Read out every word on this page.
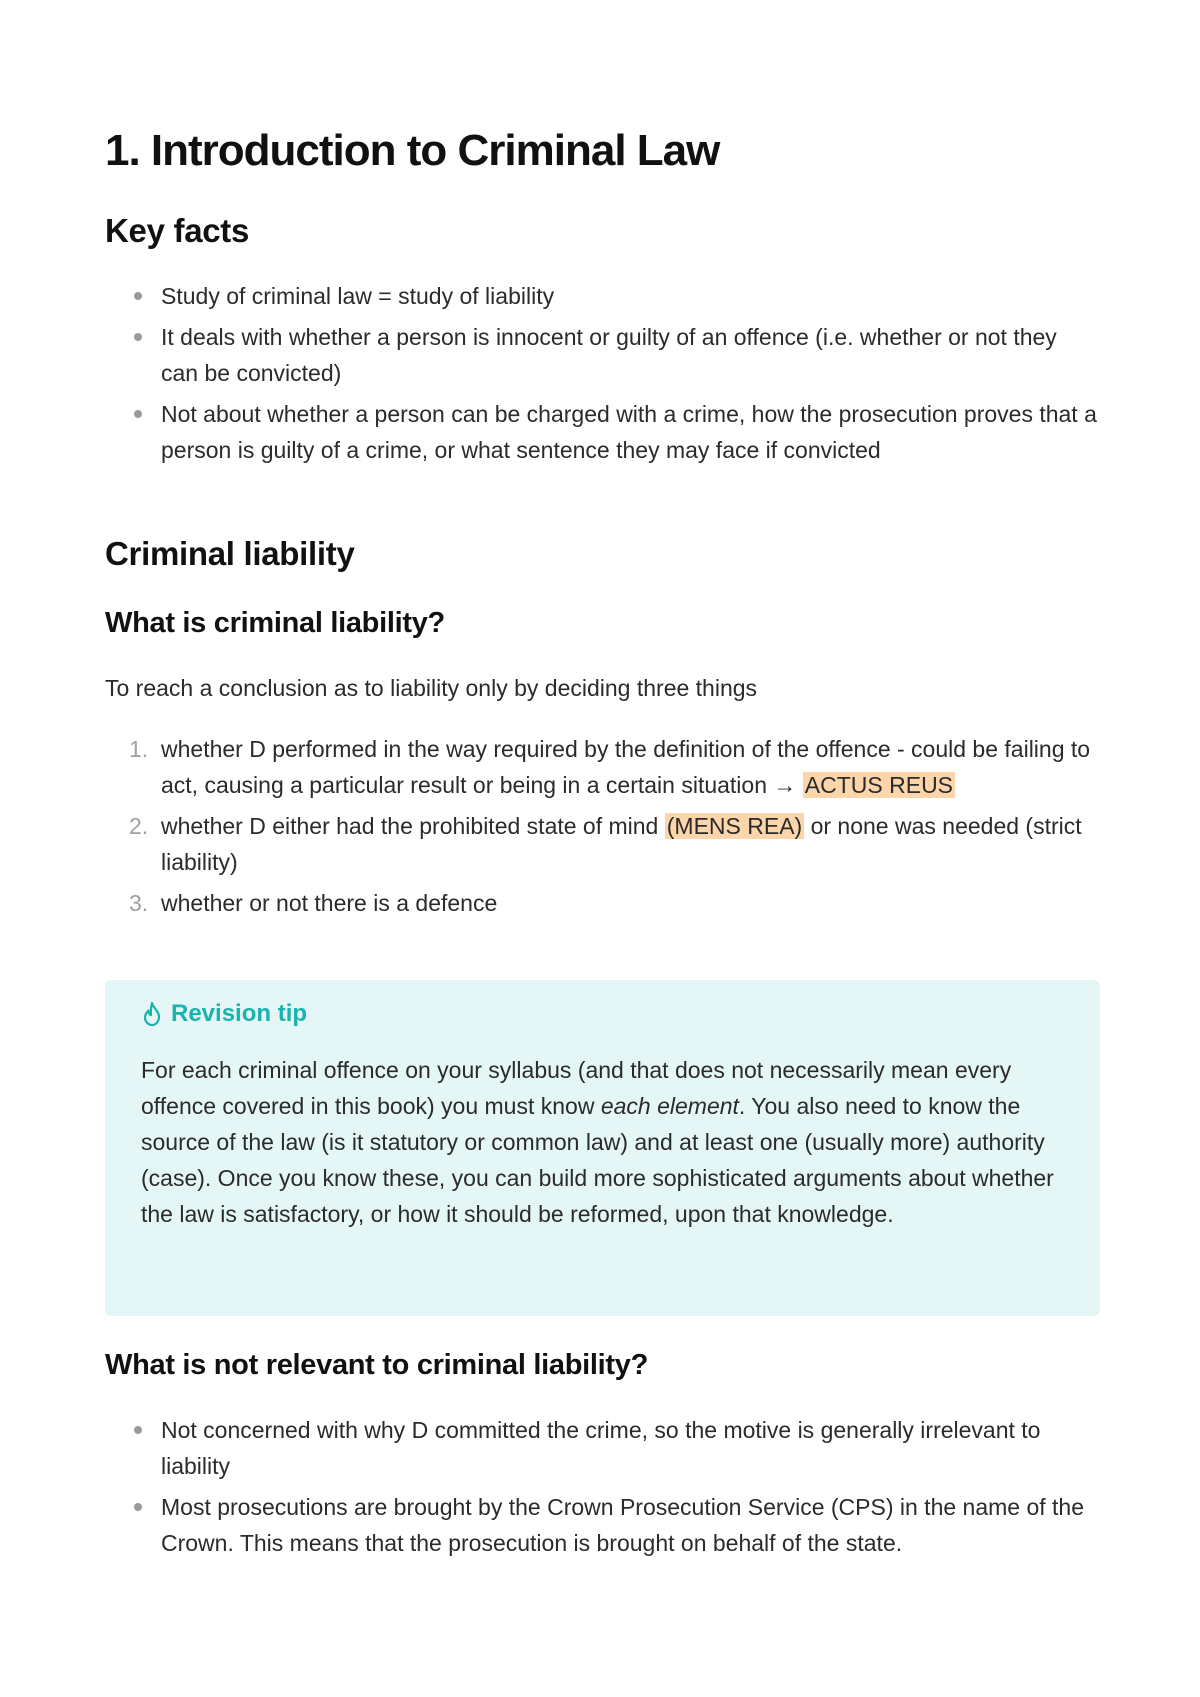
1. Introduction to Criminal Law
Key facts
Study of criminal law = study of liability
It deals with whether a person is innocent or guilty of an offence (i.e. whether or not they can be convicted)
Not about whether a person can be charged with a crime, how the prosecution proves that a person is guilty of a crime, or what sentence they may face if convicted
Criminal liability
What is criminal liability?

To reach a conclusion as to liability only by deciding three things

1. whether D performed in the way required by the definition of the offence - could be failing to act, causing a particular result or being in a certain situation → ACTUS REUS
2. whether D either had the prohibited state of mind (MENS REA) or none was needed (strict liability)
3. whether or not there is a defence
Revision tip

For each criminal offence on your syllabus (and that does not necessarily mean every offence covered in this book) you must know each element. You also need to know the source of the law (is it statutory or common law) and at least one (usually more) authority (case). Once you know these, you can build more sophisticated arguments about whether the law is satisfactory, or how it should be reformed, upon that knowledge.

What is not relevant to criminal liability?
Not concerned with why D committed the crime, so the motive is generally irrelevant to liability
Most prosecutions are brought by the Crown Prosecution Service (CPS) in the name of the Crown. This means that the prosecution is brought on behalf of the state.
